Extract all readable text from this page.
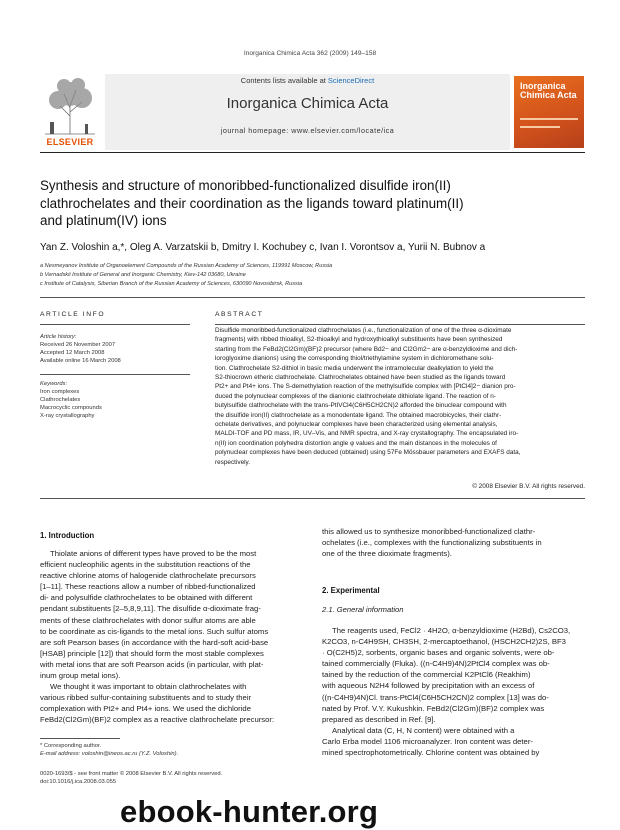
Inorganica Chimica Acta 362 (2009) 149–158
Contents lists available at ScienceDirect
Inorganica Chimica Acta
journal homepage: www.elsevier.com/locate/ica
ELSEVIER
Inorganica Chimica Acta
Synthesis and structure of monoribbed-functionalized disulfide iron(II)
clathrochelates and their coordination as the ligands toward platinum(II)
and platinum(IV) ions
Yan Z. Voloshin a,*, Oleg A. Varzatskii b, Dmitry I. Kochubey c, Ivan I. Vorontsov a, Yurii N. Bubnov a
a Nesmeyanov Institute of Organoelement Compounds of the Russian Academy of Sciences, 119991 Moscow, Russia
b Vernadskii Institute of General and Inorganic Chemistry, Kiev-142 03680, Ukraine
c Institute of Catalysis, Siberian Branch of the Russian Academy of Sciences, 630090 Novosibirsk, Russia
ARTICLE INFO
Article history:
Received 26 November 2007
Accepted 12 March 2008
Available online 16 March 2008
Keywords:
Iron complexes
Clathrochelates
Macrocyclic compounds
X-ray crystallography
ABSTRACT
Disulfide monoribbed-functionalized clathrochelates (i.e., functionalization of one of the three α-dioximate
fragments) with ribbed thioalkyl, S2-thioalkyl and hydroxythioalkyl substituents have been synthesized
starting from the FeBd2(Cl2Gm)(BF)2 precursor (where Bd2− and Cl2Gm2− are α-benzyldioxime and dich-
loroglyoxime dianions) using the corresponding thiol/triethylamine system in dichloromethane solu-
tion. Clathrochelate S2-dithiol in basic media underwent the intramolecular dealkylation to yield the
S2-thiocrown etheric clathrochelate. Clathrochelates obtained have been studied as the ligands toward
Pt2+ and Pt4+ ions. The S-demethylation reaction of the methylsulfide complex with [PtCl4]2− dianion pro-
duced the polynuclear complexes of the dianionic clathrochelate dithiolate ligand. The reaction of n-
butylsulfide clathrochelate with the trans-PtIVCl4(C6H5CH2CN)2 afforded the binuclear compound with
the disulfide iron(II) clathrochelate as a monodentate ligand. The obtained macrobicycles, their clathr-
ochelate derivatives, and polynuclear complexes have been characterized using elemental analysis,
MALDI-TOF and PD mass, IR, UV–Vis, and NMR spectra, and X-ray crystallography. The encapsulated iro-
n(II) ion coordination polyhedra distortion angle φ values and the main distances in the molecules of
polynuclear complexes have been deduced (obtained) using 57Fe Mössbauer parameters and EXAFS data,
respectively.
© 2008 Elsevier B.V. All rights reserved.
1. Introduction
Thiolate anions of different types have proved to be the most
efficient nucleophilic agents in the substitution reactions of the
reactive chlorine atoms of halogenide clathrochelate precursors
[1–11]. These reactions allow a number of ribbed-functionalized
di- and polysulfide clathrochelates to be obtained with different
pendant substituents [2–5,8,9,11]. The disulfide α-dioximate frag-
ments of these clathrochelates with donor sulfur atoms are able
to be coordinate as cis-ligands to the metal ions. Such sulfur atoms
are soft Pearson bases (in accordance with the hard-soft acid-base
[HSAB] principle [12]) that should form the most stable complexes
with metal ions that are soft Pearson acids (in particular, with plat-
inum group metal ions).
We thought it was important to obtain clathrochelates with
various ribbed sulfur-containing substituents and to study their
complexation with Pt2+ and Pt4+ ions. We used the dichloride
FeBd2(Cl2Gm)(BF)2 complex as a reactive clathrochelate precursor:
* Corresponding author.
E-mail address: voloshin@ineos.ac.ru (Y.Z. Voloshin).
0020-1693/$ - see front matter © 2008 Elsevier B.V. All rights reserved.
doi:10.1016/j.ica.2008.03.055
this allowed us to synthesize monoribbed-functionalized clathr-
ochelates (i.e., complexes with the functionalizing substituents in
one of the three dioximate fragments).
2. Experimental
2.1. General information
The reagents used, FeCl2 · 4H2O, α-benzyldioxime (H2Bd), Cs2CO3,
K2CO3, n-C4H9SH, CH3SH, 2-mercaptoethanol, (HSCH2CH2)2S, BF3
· O(C2H5)2, sorbents, organic bases and organic solvents, were ob-
tained commercially (Fluka). ((n-C4H9)4N)2PtCl4 complex was ob-
tained by the reduction of the commercial K2PtCl6 (Reakhim)
with aqueous N2H4 followed by precipitation with an excess of
((n-C4H9)4N)Cl. trans-PtCl4(C6H5CH2CN)2 complex [13] was do-
nated by Prof. V.Y. Kukushkin. FeBd2(Cl2Gm)(BF)2 complex was
prepared as described in Ref. [9].
Analytical data (C, H, N content) were obtained with a
Carlo Erba model 1106 microanalyzer. Iron content was deter-
mined spectrophotometrically. Chlorine content was obtained by
ebook-hunter.org
